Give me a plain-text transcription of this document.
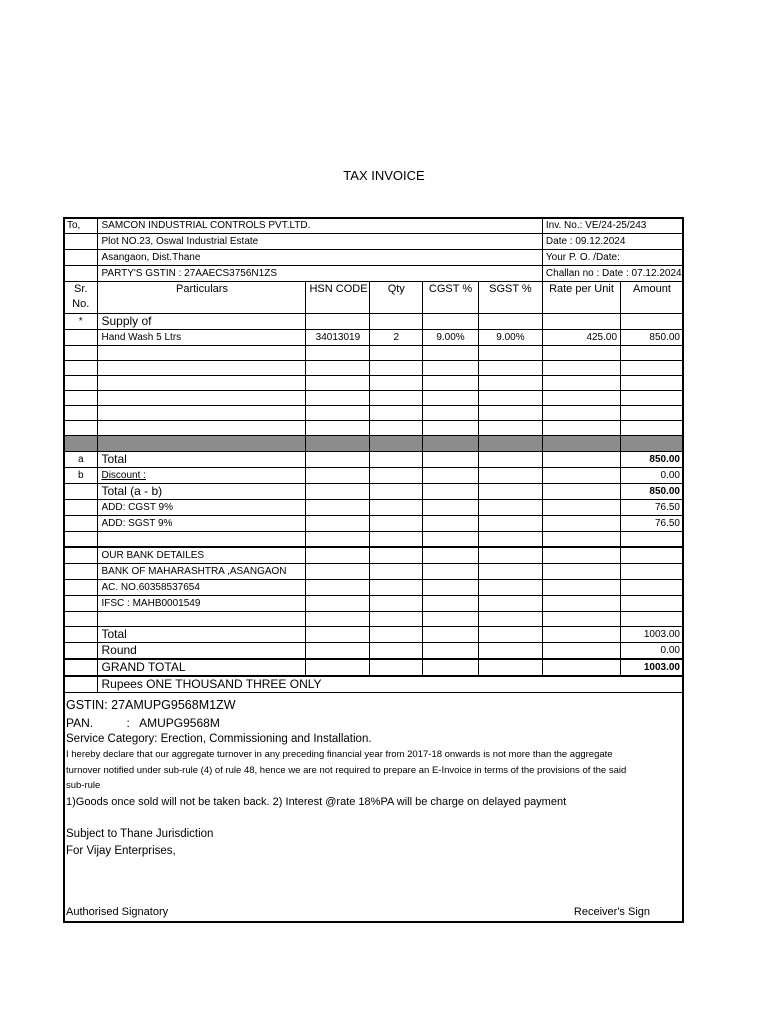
TAX INVOICE
To,	SAMCON INDUSTRIAL CONTROLS PVT.LTD.					Inv. No.: VE/24-25/243	
	Plot NO.23, Oswal Industrial Estate					Date : 09.12.2024	
	Asangaon, Dist.Thane					Your P. O. /Date:	
	PARTY'S GSTIN : 27AAECS3756N1ZS					Challan no : Date : 07.12.2024	
Sr.
No.	Particulars	HSN CODE	Qty	CGST %	SGST %	Rate per Unit	Amount
*	Supply of						
	Hand Wash 5 Ltrs	34013019	2	9.00%	9.00%	425.00	850.00

a	Total						850.00
b	Discount :						0.00
	Total (a - b)						850.00
	ADD: CGST 9%						76.50
	ADD: SGST 9%						76.50

	OUR BANK DETAILES						
	BANK OF MAHARASHTRA ,ASANGAON						
	AC. NO.60358537654						
	IFSC : MAHB0001549						

	Total						1003.00
	Round						0.00
	GRAND TOTAL						1003.00
	Rupees ONE THOUSAND THREE ONLY						
GSTIN: 27AMUPG9568M1ZW
PAN.          :   AMUPG9568M
Service Category: Erection, Commissioning and Installation.
I hereby declare that our aggregate turnover in any preceding financial year from 2017-18 onwards is not more than the aggregate
turnover notified under sub-rule (4) of rule 48, hence we are not required to prepare an E-Invoice in terms of the provisions of the said
sub-rule
1)Goods once sold will not be taken back. 2) Interest @rate 18%PA will be charge on delayed payment
Subject to Thane Jurisdiction
For Vijay Enterprises,
Authorised Signatory	Receiver's Sign
